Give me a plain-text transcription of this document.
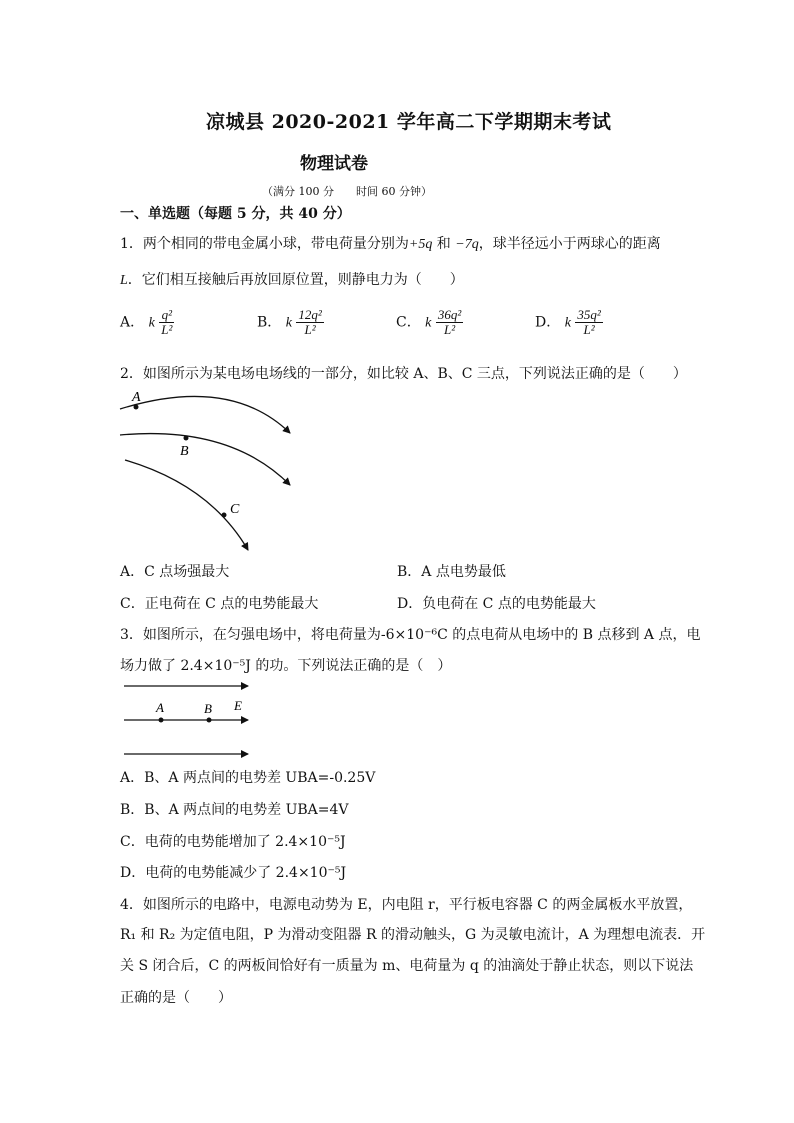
凉城县 2020-2021 学年高二下学期期末考试
物理试卷
（满分 100 分　　时间 60 分钟）
一、单选题（每题 5 分，共 40 分）
1．两个相同的带电金属小球，带电荷量分别为+5q 和 −7q，球半径远小于两球心的距离
L．它们相互接触后再放回原位置，则静电力为（　　）
A． k $\frac{\text{q²}}{\text{L²}}$	B． k $\frac{\text{12q²}}{\text{L²}}$	C． k $\frac{\text{36q²}}{\text{L²}}$	D． k $\frac{\text{35q²}}{\text{L²}}$
2．如图所示为某电场电场线的一部分，如比较 A、B、C 三点，下列说法正确的是（　　）
A
B
C
A．C 点场强最大	B．A 点电势最低
C．正电荷在 C 点的电势能最大	D．负电荷在 C 点的电势能最大
3．如图所示，在匀强电场中，将电荷量为-6×10⁻⁶C 的点电荷从电场中的 B 点移到 A 点，电
场力做了 2.4×10⁻⁵J 的功。下列说法正确的是（　）
A	B E
A．B、A 两点间的电势差 UBA=-0.25V
B．B、A 两点间的电势差 UBA=4V
C．电荷的电势能增加了 2.4×10⁻⁵J
D．电荷的电势能减少了 2.4×10⁻⁵J
4．如图所示的电路中，电源电动势为 E，内电阻 r，平行板电容器 C 的两金属板水平放置，
R₁ 和 R₂ 为定值电阻，P 为滑动变阻器 R 的滑动触头，G 为灵敏电流计，A 为理想电流表．开
关 S 闭合后，C 的两板间恰好有一质量为 m、电荷量为 q 的油滴处于静止状态，则以下说法
正确的是（　　）
